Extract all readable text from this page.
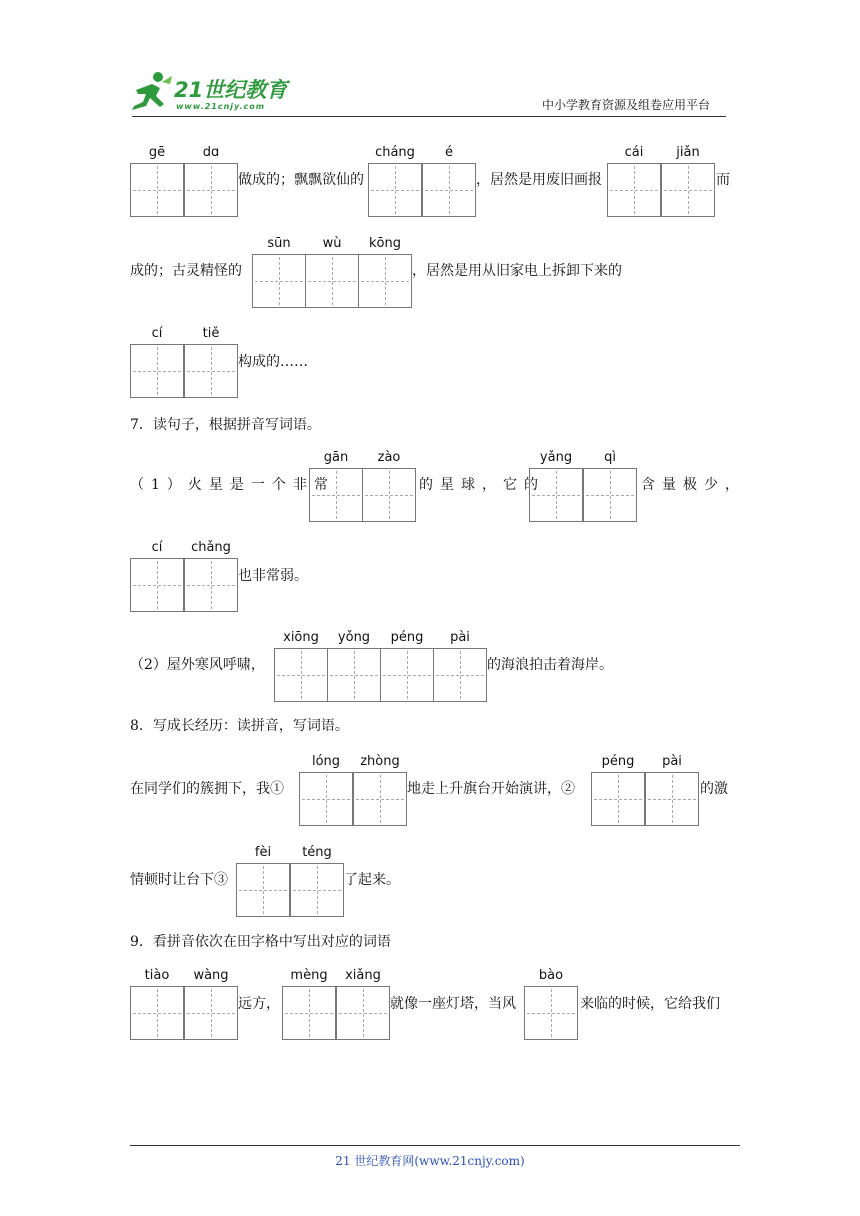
21世纪教育
www.21cnjy.com	中小学教育资源及组卷应用平台
gē	dɑ
做成的；飘飘欲仙的
cháng	é
，居然是用废旧画报
cái	jiǎn
而
成的；古灵精怪的
sūn	wù	kōng
，居然是用从旧家电上拆卸下来的
cí	tiě
构成的……
7．读句子，根据拼音写词语。
（1）火星是一个非常
gān	zào
的星球，它的
yǎng	qì
含量极少，
cí	chǎng
也非常弱。
（2）屋外寒风呼啸，
xiōng	yǒng	péng	pài
的海浪拍击着海岸。
8．写成长经历：读拼音，写词语。
在同学们的簇拥下，我①
lóng	zhòng
地走上升旗台开始演讲，②
péng	pài
的激
情顿时让台下③
fèi	téng
了起来。
9．看拼音依次在田字格中写出对应的词语
tiào	wàng
远方，
mèng	xiǎng
就像一座灯塔，当风
bào
来临的时候，它给我们
21 世纪教育网(www.21cnjy.com)
